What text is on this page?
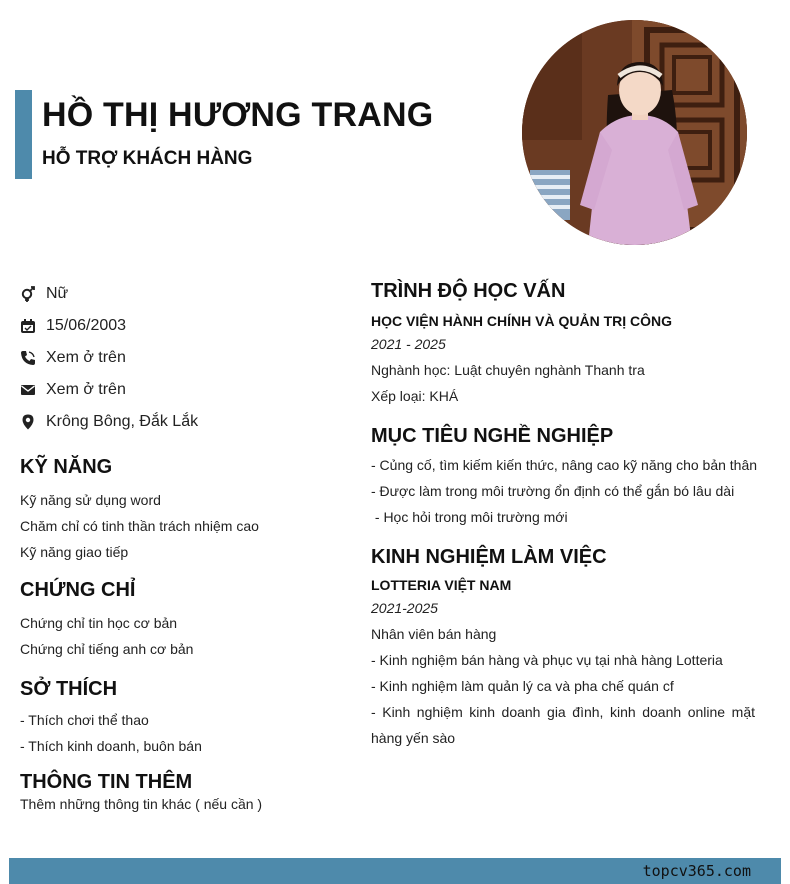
HỒ THỊ HƯƠNG TRANG
HỖ TRỢ KHÁCH HÀNG
Nữ
15/06/2003
Xem ở trên
Xem ở trên
Krông Bông, Đắk Lắk
KỸ NĂNG
Kỹ năng sử dụng word
Chăm chỉ có tinh thần trách nhiệm cao
Kỹ năng giao tiếp
CHỨNG CHỈ
Chứng chỉ tin học cơ bản
Chứng chỉ tiếng anh cơ bản
SỞ THÍCH
- Thích chơi thể thao
- Thích kinh doanh, buôn bán
THÔNG TIN THÊM
Thêm những thông tin khác ( nếu cần )
TRÌNH ĐỘ HỌC VẤN
HỌC VIỆN HÀNH CHÍNH VÀ QUẢN TRỊ CÔNG
2021 - 2025
Nghành học: Luật chuyên nghành Thanh tra
Xếp loại: KHÁ
MỤC TIÊU NGHỀ NGHIỆP
- Củng cố, tìm kiếm kiến thức, nâng cao kỹ năng cho bản thân
- Được làm trong môi trường ổn định có thể gắn bó lâu dài
- Học hỏi trong môi trường mới
KINH NGHIỆM LÀM VIỆC
LOTTERIA VIỆT NAM
2021-2025
Nhân viên bán hàng
- Kinh nghiệm bán hàng và phục vụ tại nhà hàng Lotteria
- Kinh nghiệm làm quản lý ca và pha chế quán cf
- Kinh nghiệm kinh doanh gia đình, kinh doanh online mặt hàng yến sào
topcv365.com
